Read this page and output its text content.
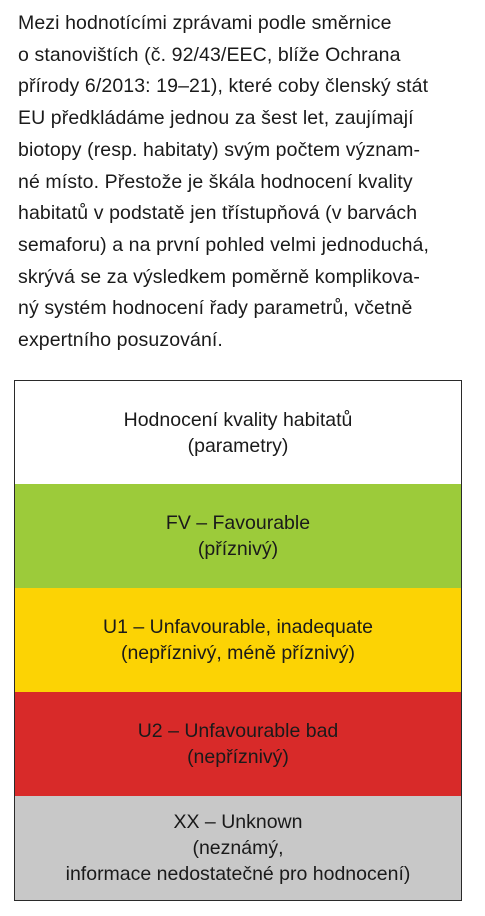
Mezi hodnotícími zprávami podle směrnice
o stanovištích (č. 92/43/EEC, blíže Ochrana
přírody 6/2013: 19–21), které coby členský stát
EU předkládáme jednou za šest let, zaujímají
biotopy (resp. habitaty) svým počtem význam-
né místo. Přestože je škála hodnocení kvality
habitatů v podstatě jen třístupňová (v barvách
semaforu) a na první pohled velmi jednoduchá,
skrývá se za výsledkem poměrně komplikova-
ný systém hodnocení řady parametrů, včetně
expertního posuzování.
Hodnocení kvality habitatů
(parametry)
FV – Favourable
(příznivý)
U1 – Unfavourable, inadequate
(nepříznivý, méně příznivý)
U2 – Unfavourable bad
(nepříznivý)
XX – Unknown
(neznámý,
informace nedostatečné pro hodnocení)
